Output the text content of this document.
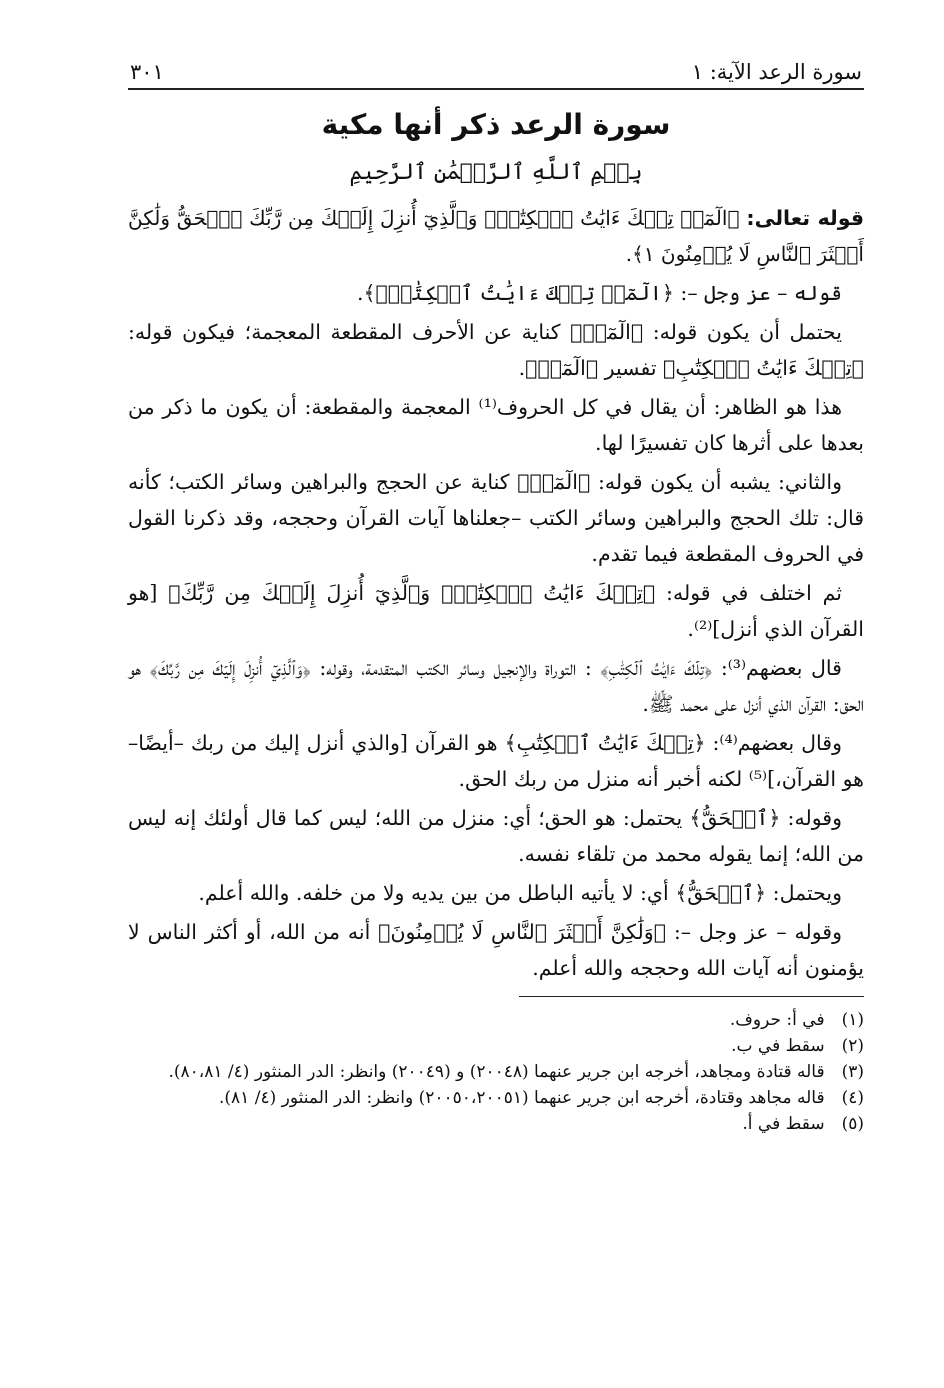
سورة الرعد الآية: ١
٣٠١
سورة الرعد ذكر أنها مكية
بِسۡمِ ٱللَّهِ ٱلرَّحۡمَٰنِ ٱلرَّحِيمِ

قوله تعالى: ﴿الٓمٓرۚ تِلۡكَ ءَايَٰتُ ٱلۡكِتَٰبِۗ وَٱلَّذِيٓ أُنزِلَ إِلَيۡكَ مِن رَّبِّكَ ٱلۡحَقُّ وَلَٰكِنَّ أَكۡثَرَ ٱلنَّاسِ لَا يُؤۡمِنُونَ ١﴾.

قوله – عز وجل –: ﴿الٓمٓرۚ تِلۡكَ ءَايَٰتُ ٱلۡكِتَٰبِۗ﴾.

يحتمل أن يكون قوله: ﴿الٓمٓرۚ﴾ كناية عن الأحرف المقطعة المعجمة؛ فيكون قوله: ﴿تِلۡكَ ءَايَٰتُ ٱلۡكِتَٰبِ﴾ تفسير ﴿الٓمٓرۚ﴾.

هذا هو الظاهر: أن يقال في كل الحروف⁽¹⁾ المعجمة والمقطعة: أن يكون ما ذكر من بعدها على أثرها كان تفسيرًا لها.

والثاني: يشبه أن يكون قوله: ﴿الٓمٓرۚ﴾ كناية عن الحجج والبراهين وسائر الكتب؛ كأنه قال: تلك الحجج والبراهين وسائر الكتب –جعلناها آيات القرآن وحججه، وقد ذكرنا القول في الحروف المقطعة فيما تقدم.

ثم اختلف في قوله: ﴿تِلۡكَ ءَايَٰتُ ٱلۡكِتَٰبِۗ وَٱلَّذِيٓ أُنزِلَ إِلَيۡكَ مِن رَّبِّكَ﴾ [هو القرآن الذي أنزل]⁽²⁾.

قال بعضهم⁽³⁾: ﴿تِلۡكَ ءَايَٰتُ ٱلۡكِتَٰبِ﴾ : التوراة والإنجيل وسائر الكتب المتقدمة، وقوله: ﴿وَٱلَّذِيٓ أُنزِلَ إِلَيۡكَ مِن رَّبِّكَ﴾ هو الحق: القرآن الذي أنزل على محمد ﷺ.

وقال بعضهم⁽⁴⁾: ﴿تِلۡكَ ءَايَٰتُ ٱلۡكِتَٰبِ﴾ هو القرآن [والذي أنزل إليك من ربك –أيضًا– هو القرآن،]⁽⁵⁾ لكنه أخبر أنه منزل من ربك الحق.

وقوله: ﴿ٱلۡحَقُّ﴾ يحتمل: هو الحق؛ أي: منزل من الله؛ ليس كما قال أولئك إنه ليس من الله؛ إنما يقوله محمد من تلقاء نفسه.

ويحتمل: ﴿ٱلۡحَقُّ﴾ أي: لا يأتيه الباطل من بين يديه ولا من خلفه. والله أعلم.

وقوله – عز وجل –: ﴿وَلَٰكِنَّ أَكۡثَرَ ٱلنَّاسِ لَا يُؤۡمِنُونَ﴾ أنه من الله، أو أكثر الناس لا يؤمنون أنه آيات الله وحججه والله أعلم.

(١) في أ: حروف.

(٢) سقط في ب.

(٣) قاله قتادة ومجاهد، أخرجه ابن جرير عنهما (٢٠٠٤٨) و (٢٠٠٤٩) وانظر: الدر المنثور (٤/ ٨٠،٨١).

(٤) قاله مجاهد وقتادة، أخرجه ابن جرير عنهما (٢٠٠٥٠،٢٠٠٥١) وانظر: الدر المنثور (٤/ ٨١).

(٥) سقط في أ.
